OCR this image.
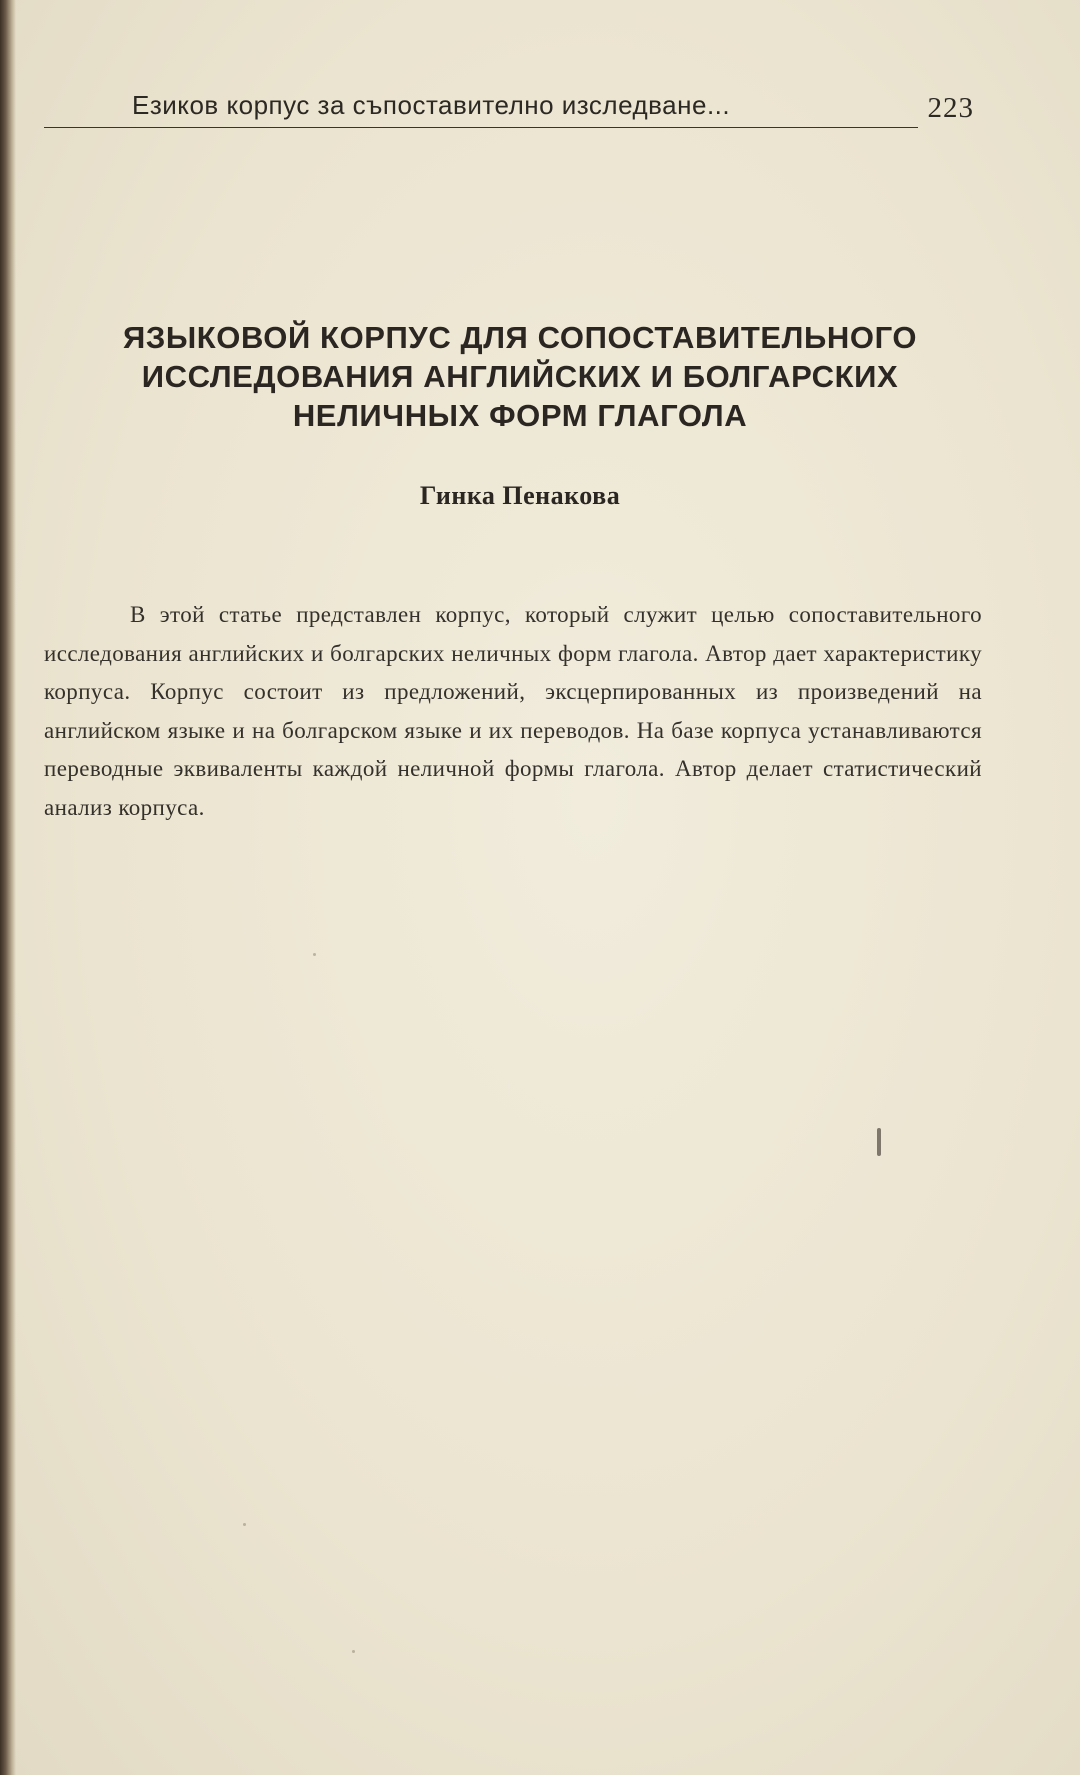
Езиков корпус за съпоставително изследване...	223
ЯЗЫКОВОЙ КОРПУС ДЛЯ СОПОСТАВИТЕЛЬНОГО
ИССЛЕДОВАНИЯ АНГЛИЙСКИХ И БОЛГАРСКИХ
НЕЛИЧНЫХ ФОРМ ГЛАГОЛА
Гинка Пенакова

В этой статье представлен корпус, который служит целью сопоставительного исследования английских и болгарских неличных форм глагола. Автор дает характеристику корпуса. Корпус состоит из предложений, эксцерпированных из произведений на английском языке и на болгарском языке и их переводов. На базе корпуса устанавливаются переводные эквиваленты каждой неличной формы глагола. Автор делает статистический анализ корпуса.
